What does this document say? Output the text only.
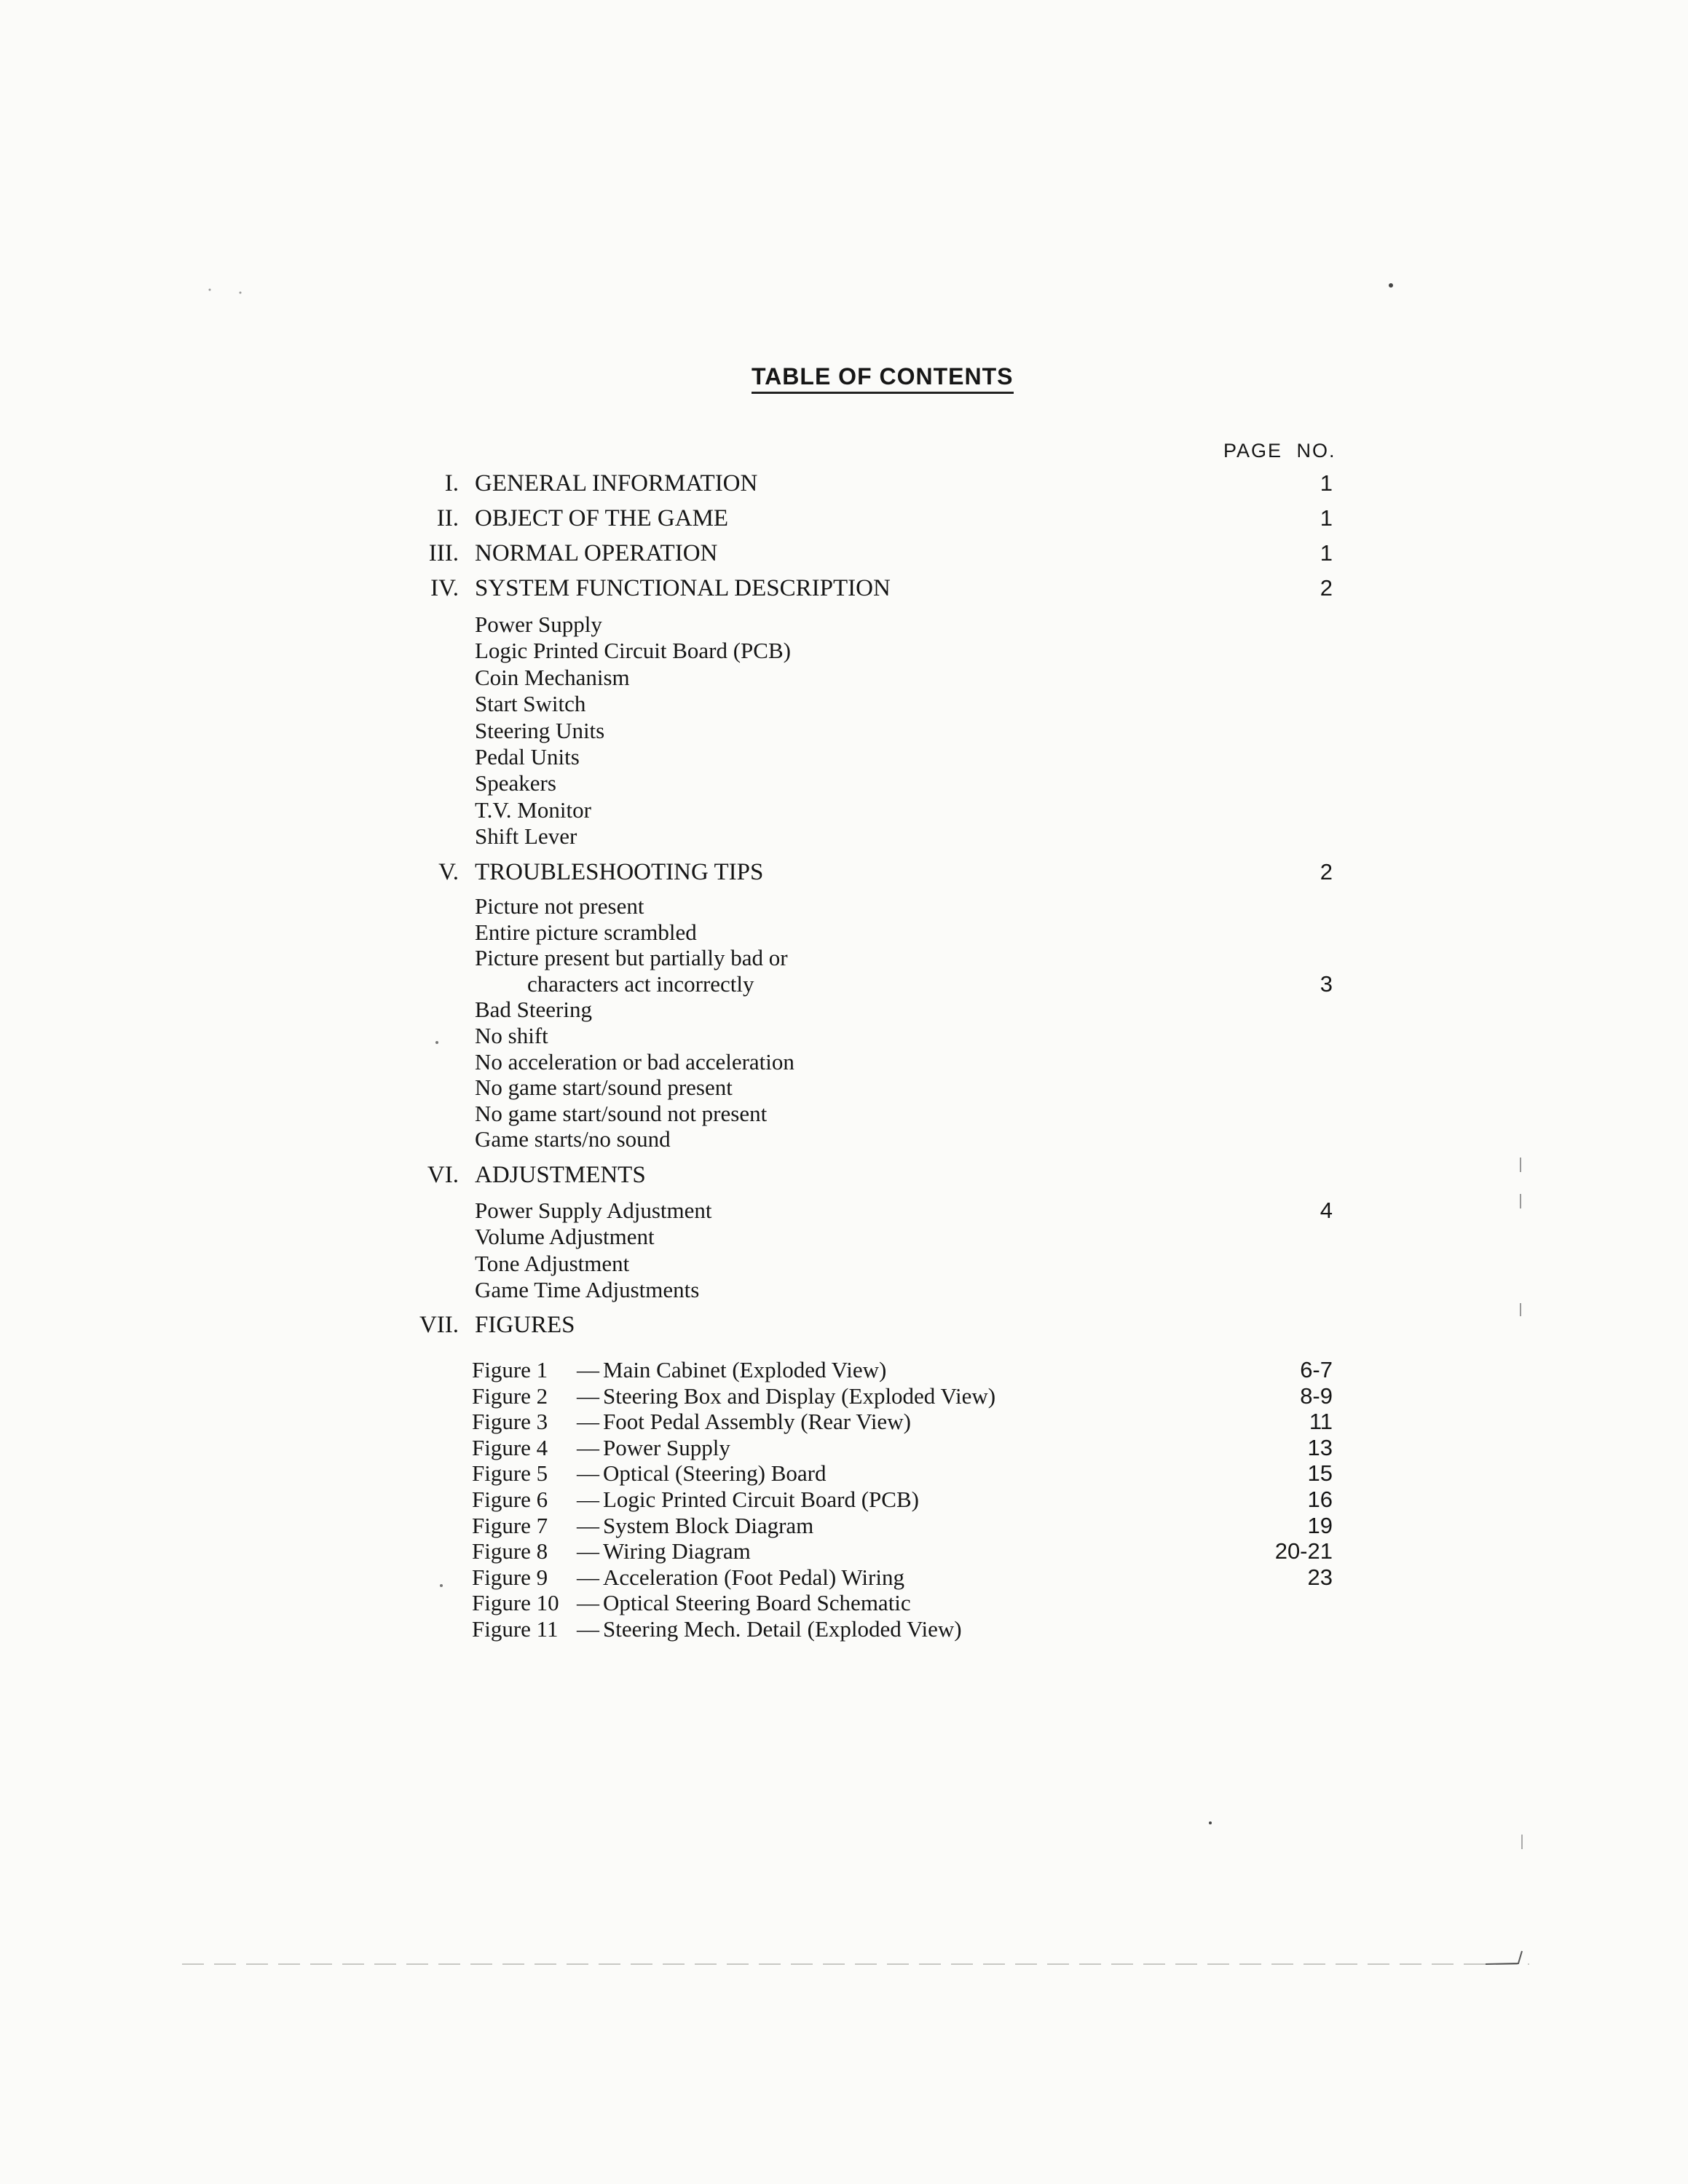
TABLE OF CONTENTS
PAGE NO.
I. GENERAL INFORMATION	1
II. OBJECT OF THE GAME	1
III. NORMAL OPERATION	1
IV. SYSTEM FUNCTIONAL DESCRIPTION	2
Power Supply
Logic Printed Circuit Board (PCB)
Coin Mechanism
Start Switch
Steering Units
Pedal Units
Speakers
T.V. Monitor
Shift Lever
V. TROUBLESHOOTING TIPS	2
Picture not present
Entire picture scrambled
Picture present but partially bad or
characters act incorrectly	3
Bad Steering
No shift
No acceleration or bad acceleration
No game start/sound present
No game start/sound not present
Game starts/no sound
VI. ADJUSTMENTS
Power Supply Adjustment	4
Volume Adjustment
Tone Adjustment
Game Time Adjustments
VII. FIGURES
Figure 1 — Main Cabinet (Exploded View)	6-7
Figure 2 — Steering Box and Display (Exploded View)	8-9
Figure 3 — Foot Pedal Assembly (Rear View)	11
Figure 4 — Power Supply	13
Figure 5 — Optical (Steering) Board	15
Figure 6 — Logic Printed Circuit Board (PCB)	16
Figure 7 — System Block Diagram	19
Figure 8 — Wiring Diagram	20-21
Figure 9 — Acceleration (Foot Pedal) Wiring	23
Figure 10 — Optical Steering Board Schematic
Figure 11 — Steering Mech. Detail (Exploded View)
